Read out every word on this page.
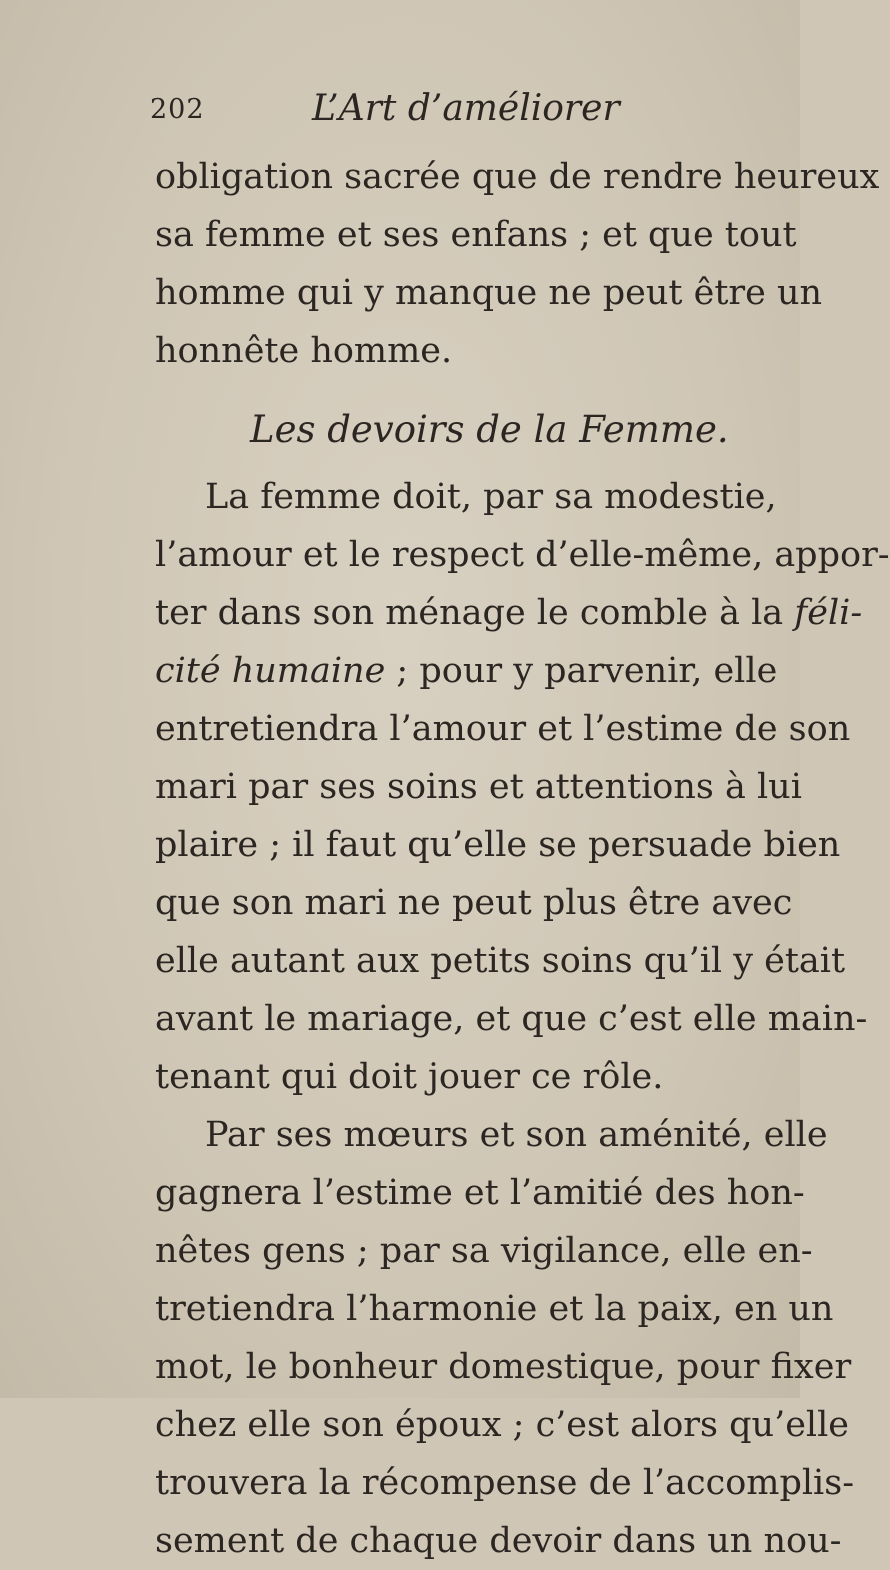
202	L’Art d’améliorer
obligation sacrée que de rendre heureux
sa femme et ses enfans ; et que tout
homme qui y manque ne peut être un
honnête homme.
Les devoirs de la Femme.
La femme doit, par sa modestie,
l’amour et le respect d’elle-même, appor-
ter dans son ménage le comble à la féli-
cité humaine ; pour y parvenir, elle
entretiendra l’amour et l’estime de son
mari par ses soins et attentions à lui
plaire ; il faut qu’elle se persuade bien
que son mari ne peut plus être avec
elle autant aux petits soins qu’il y était
avant le mariage, et que c’est elle main-
tenant qui doit jouer ce rôle.
Par ses mœurs et son aménité, elle
gagnera l’estime et l’amitié des hon-
nêtes gens ; par sa vigilance, elle en-
tretiendra l’harmonie et la paix, en un
mot, le bonheur domestique, pour fixer
chez elle son époux ; c’est alors qu’elle
trouvera la récompense de l’accomplis-
sement de chaque devoir dans un nou-
